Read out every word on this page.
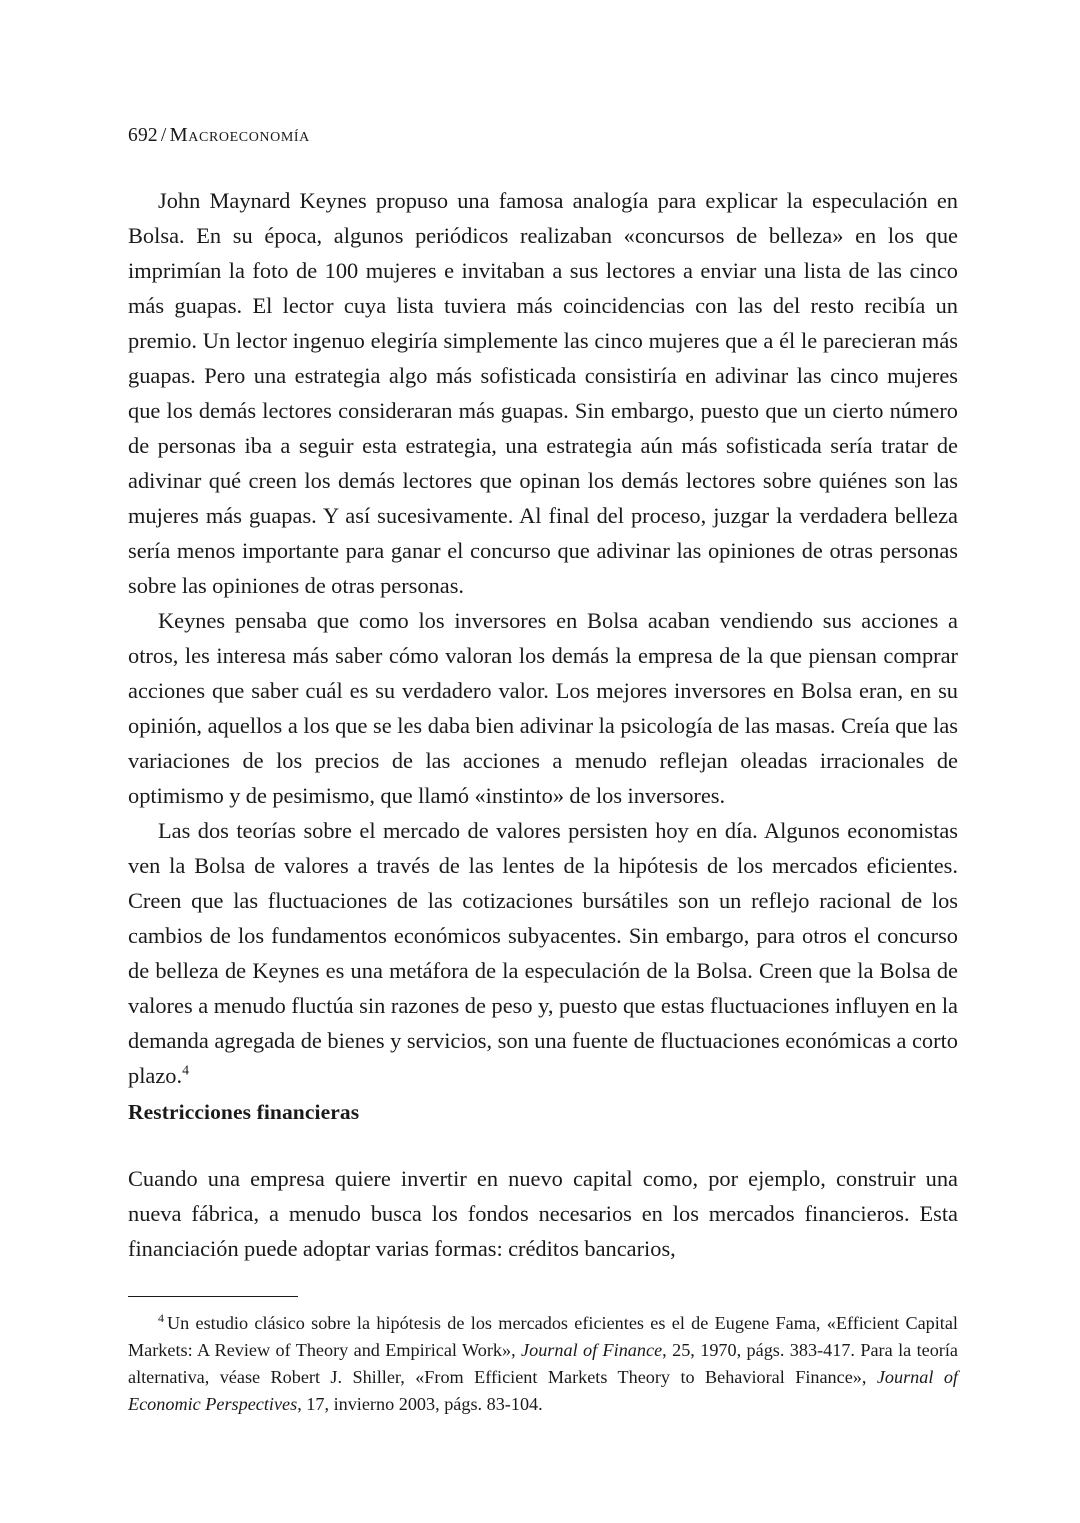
692 / Macroeconomía

John Maynard Keynes propuso una famosa analogía para explicar la especulación en Bolsa. En su época, algunos periódicos realizaban «concursos de belleza» en los que imprimían la foto de 100 mujeres e invitaban a sus lectores a enviar una lista de las cinco más guapas. El lector cuya lista tuviera más coincidencias con las del resto recibía un premio. Un lector ingenuo elegiría simplemente las cinco mujeres que a él le parecieran más guapas. Pero una estrategia algo más sofisticada consistiría en adivinar las cinco mujeres que los demás lectores consideraran más guapas. Sin embargo, puesto que un cierto número de personas iba a seguir esta estrategia, una estrategia aún más sofisticada sería tratar de adivinar qué creen los demás lectores que opinan los demás lectores sobre quiénes son las mujeres más guapas. Y así sucesivamente. Al final del proceso, juzgar la verdadera belleza sería menos importante para ganar el concurso que adivinar las opiniones de otras personas sobre las opiniones de otras personas.

Keynes pensaba que como los inversores en Bolsa acaban vendiendo sus acciones a otros, les interesa más saber cómo valoran los demás la empresa de la que piensan comprar acciones que saber cuál es su verdadero valor. Los mejores inversores en Bolsa eran, en su opinión, aquellos a los que se les daba bien adivinar la psicología de las masas. Creía que las variaciones de los precios de las acciones a menudo reflejan oleadas irracionales de optimismo y de pesimismo, que llamó «instinto» de los inversores.

Las dos teorías sobre el mercado de valores persisten hoy en día. Algunos economistas ven la Bolsa de valores a través de las lentes de la hipótesis de los mercados eficientes. Creen que las fluctuaciones de las cotizaciones bursátiles son un reflejo racional de los cambios de los fundamentos económicos subyacentes. Sin embargo, para otros el concurso de belleza de Keynes es una metáfora de la especulación de la Bolsa. Creen que la Bolsa de valores a menudo fluctúa sin razones de peso y, puesto que estas fluctuaciones influyen en la demanda agregada de bienes y servicios, son una fuente de fluctuaciones económicas a corto plazo.$^4$

Restricciones financieras

Cuando una empresa quiere invertir en nuevo capital como, por ejemplo, construir una nueva fábrica, a menudo busca los fondos necesarios en los mercados financieros. Esta financiación puede adoptar varias formas: créditos bancarios,

$^4$ Un estudio clásico sobre la hipótesis de los mercados eficientes es el de Eugene Fama, «Efficient Capital Markets: A Review of Theory and Empirical Work», Journal of Finance, 25, 1970, págs. 383-417. Para la teoría alternativa, véase Robert J. Shiller, «From Efficient Markets Theory to Behavioral Finance», Journal of Economic Perspectives, 17, invierno 2003, págs. 83-104.
